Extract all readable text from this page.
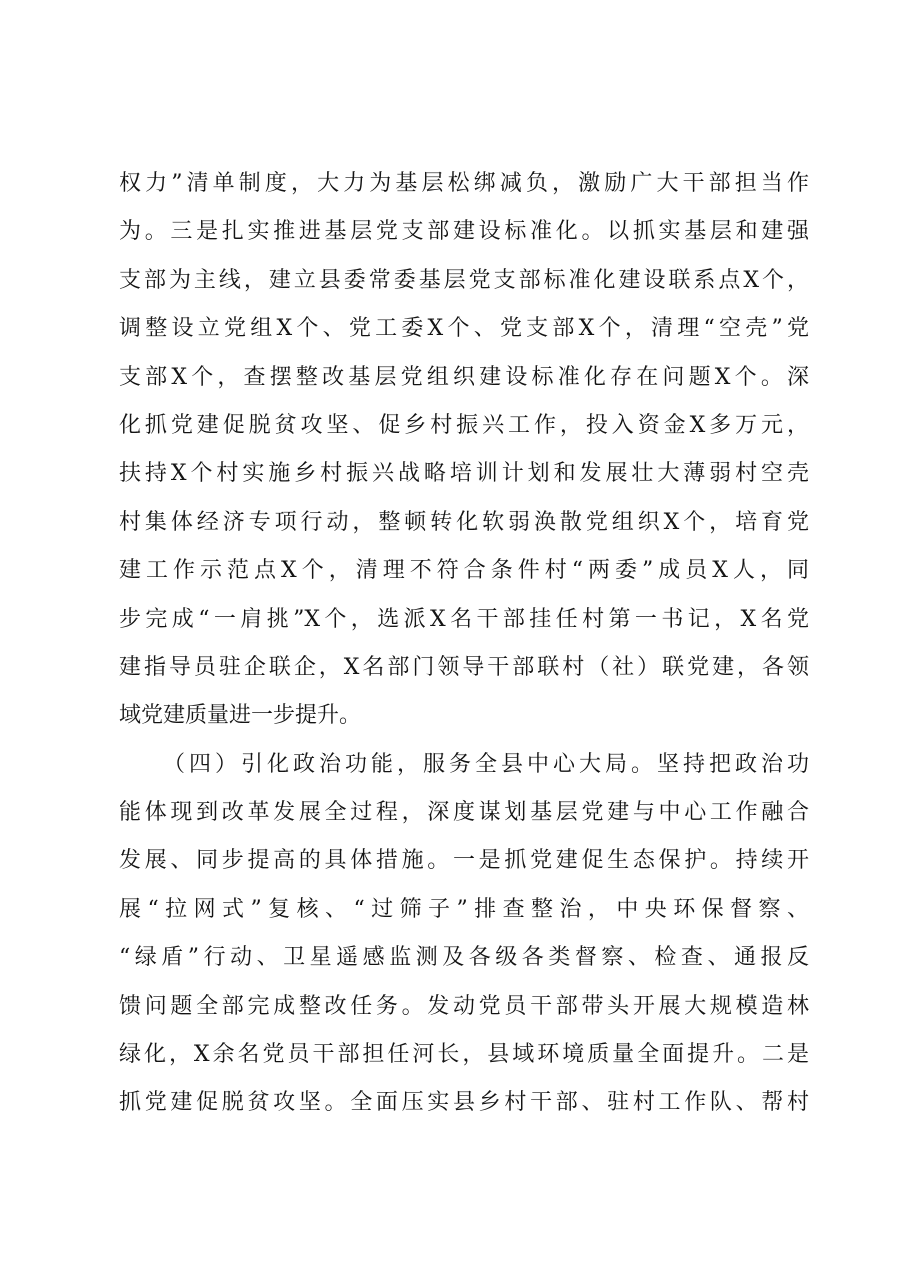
权力”清单制度，大力为基层松绑减负，激励广大干部担当作
为。三是扎实推进基层党支部建设标准化。以抓实基层和建强
支部为主线，建立县委常委基层党支部标准化建设联系点X个，
调整设立党组X个、党工委X个、党支部X个，清理“空壳”党
支部X个，查摆整改基层党组织建设标准化存在问题X个。深
化抓党建促脱贫攻坚、促乡村振兴工作，投入资金X多万元，
扶持X个村实施乡村振兴战略培训计划和发展壮大薄弱村空壳
村集体经济专项行动，整顿转化软弱涣散党组织X个，培育党
建工作示范点X个，清理不符合条件村“两委”成员X人，同
步完成“一肩挑”X个，选派X名干部挂任村第一书记，X名党
建指导员驻企联企，X名部门领导干部联村（社）联党建，各领
域党建质量进一步提升。
（四）引化政治功能，服务全县中心大局。坚持把政治功
能体现到改革发展全过程，深度谋划基层党建与中心工作融合
发展、同步提高的具体措施。一是抓党建促生态保护。持续开
展“拉网式”复核、“过筛子”排查整治，中央环保督察、
“绿盾”行动、卫星遥感监测及各级各类督察、检查、通报反
馈问题全部完成整改任务。发动党员干部带头开展大规模造林
绿化，X余名党员干部担任河长，县域环境质量全面提升。二是
抓党建促脱贫攻坚。全面压实县乡村干部、驻村工作队、帮村
